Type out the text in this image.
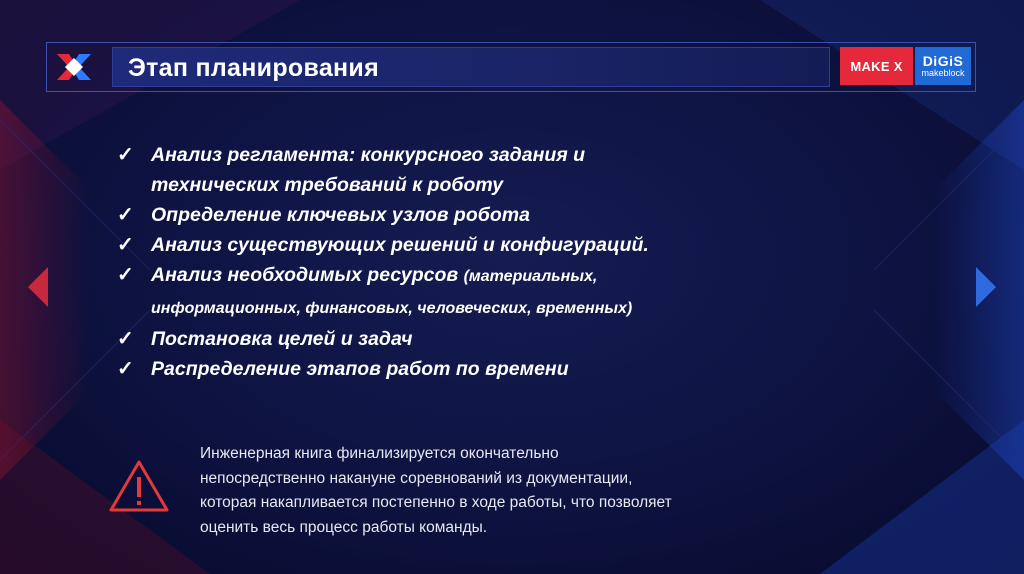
Этап планирования	MAKE X DiGiS
makeblock
✓ Анализ регламента: конкурсного задания и
технических требований к роботу
✓ Определение ключевых узлов робота
✓ Анализ существующих решений и конфигураций.
✓ Анализ необходимых ресурсов (материальных,
информационных, финансовых, человеческих, временных)
✓ Постановка целей и задач
✓ Распределение этапов работ по времени
Инженерная книга финализируется окончательно
непосредственно накануне соревнований из документации,
которая накапливается постепенно в ходе работы, что позволяет
оценить весь процесс работы команды.
